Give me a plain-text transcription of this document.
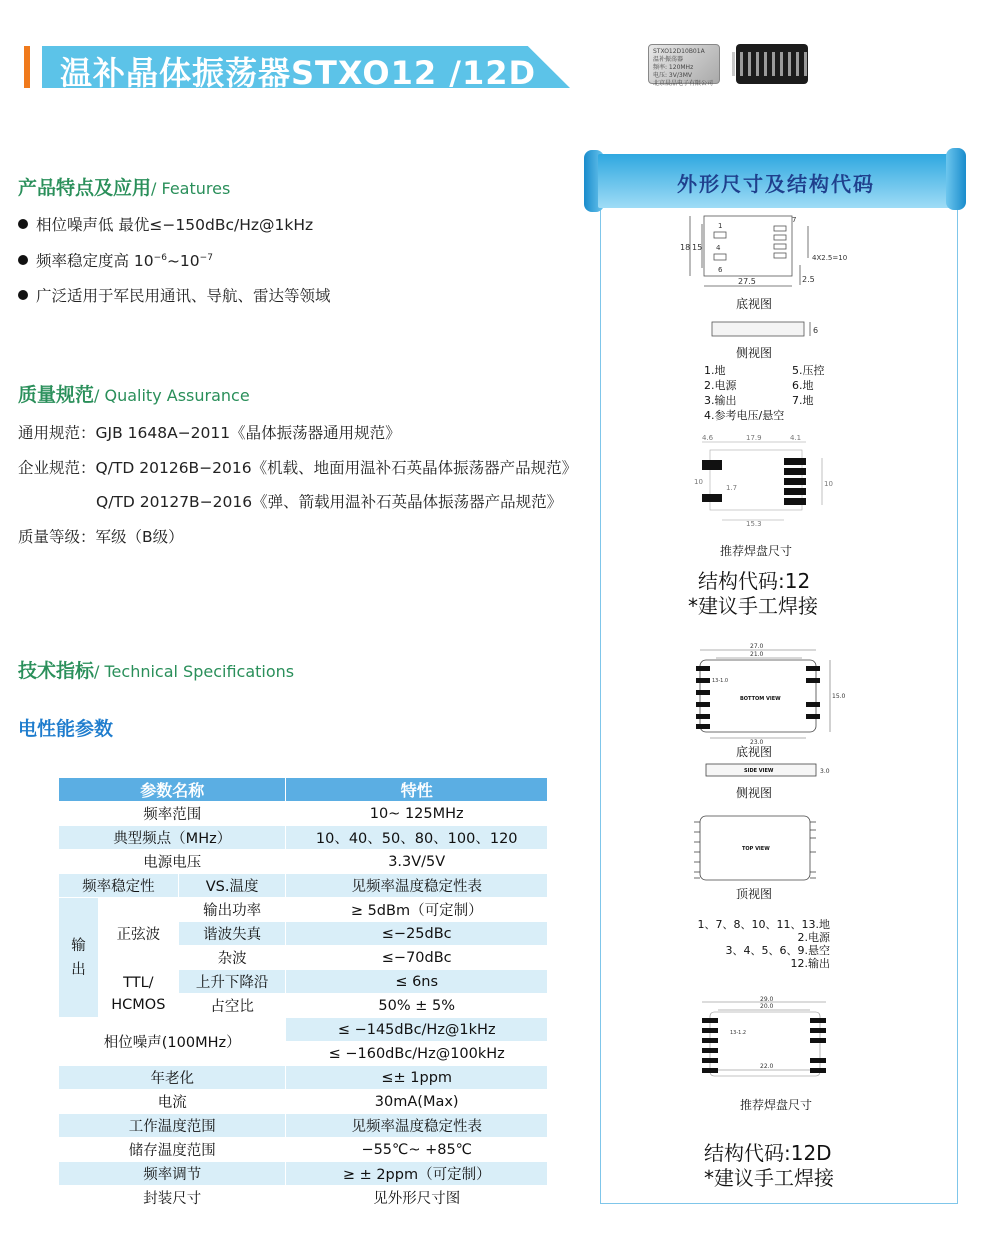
温补晶体振荡器STXO12 /12D
STXO12D10B01A
温补振荡器
频率: 120MHz
电压: 3V/3MV
北京晨晶电子有限公司
产品特点及应用/ Features
相位噪声低 最优≤−150dBc/Hz@1kHz
频率稳定度高 $10^{-6}\sim 10^{-7}$
广泛适用于军民用通讯、导航、雷达等领域
质量规范/ Quality Assurance
通用规范：GJB 1648A−2011《晶体振荡器通用规范》
企业规范：Q/TD 20126B−2016《机载、地面用温补石英晶体振荡器产品规范》
Q/TD 20127B−2016《弹、箭载用温补石英晶体振荡器产品规范》
质量等级：军级（B级）
技术指标/ Technical Specifications
电性能参数
参数名称			特性
频率范围			10~ 125MHz
典型频点（MHz）			10、40、50、80、100、120
电源电压			3.3V/5V
频率稳定性		VS.温度	见频率温度稳定性表
输
出	正弦波	输出功率	≥ 5dBm（可定制）
		谐波失真	≤−25dBc
		杂波	≤−70dBc
	TTL/
HCMOS	上升下降沿	≤ 6ns
		占空比	50% ± 5%
相位噪声(100MHz）			≤ −145dBc/Hz@1kHz
			≤ −160dBc/Hz@100kHz
年老化			≤± 1ppm
电流			30mA(Max)
工作温度范围			见频率温度稳定性表
储存温度范围			−55℃~ +85℃
频率调节			≥ ± 2ppm（可定制）
封装尺寸			见外形尺寸图
外形尺寸及结构代码
18 15
27.5	2.5
4X2.5=10
7
1
6
4
底视图
6
侧视图
1.地
2.电源
3.输出
4.参考电压/悬空
5.压控
6.地
7.地
4.6	17.9	4.1
10
1.7
15.3
10
推荐焊盘尺寸
结构代码:12
*建议手工焊接
27.0
21.0
23.0
15.0
13-1.0
BOTTOM VIEW
底视图
SIDE VIEW	3.0
侧视图
TOP VIEW
顶视图
1、7、8、10、11、13.地
2.电源
3、4、5、6、9.悬空
12.输出
29.0
20.0
22.0
13-1.2
推荐焊盘尺寸
结构代码:12D
*建议手工焊接
